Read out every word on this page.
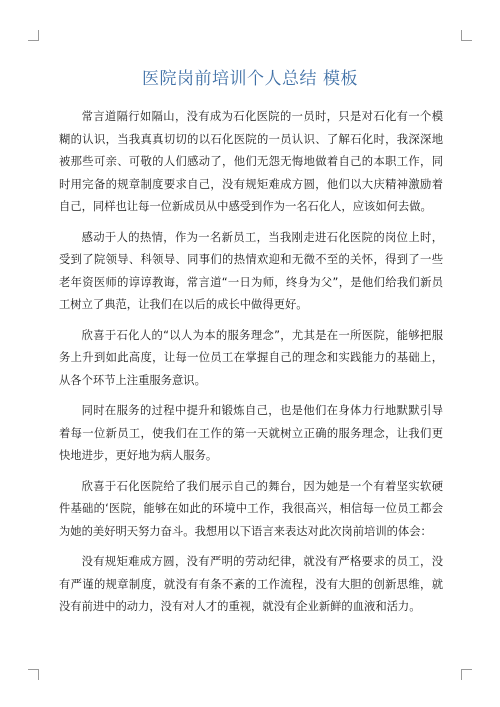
医院岗前培训个人总结 模板

常言道隔行如隔山，没有成为石化医院的一员时，只是对石化有一个模糊的认识，当我真真切切的以石化医院的一员认识、了解石化时，我深深地被那些可亲、可敬的人们感动了，他们无怨无悔地做着自己的本职工作，同时用完备的规章制度要求自己，没有规矩难成方圆，他们以大庆精神激励着自己，同样也让每一位新成员从中感受到作为一名石化人，应该如何去做。

感动于人的热情，作为一名新员工，当我刚走进石化医院的岗位上时，受到了院领导、科领导、同事们的热情欢迎和无微不至的关怀，得到了一些老年资医师的谆谆教诲，常言道“一日为师，终身为父”，是他们给我们新员工树立了典范，让我们在以后的成长中做得更好。

欣喜于石化人的“以人为本的服务理念”，尤其是在一所医院，能够把服务上升到如此高度，让每一位员工在掌握自己的理念和实践能力的基础上，从各个环节上注重服务意识。

同时在服务的过程中提升和锻炼自己，也是他们在身体力行地默默引导着每一位新员工，使我们在工作的第一天就树立正确的服务理念，让我们更快地进步，更好地为病人服务。

欣喜于石化医院给了我们展示自己的舞台，因为她是一个有着坚实软硬件基础的‘医院，能够在如此的环境中工作，我很高兴，相信每一位员工都会为她的美好明天努力奋斗。我想用以下语言来表达对此次岗前培训的体会：

没有规矩难成方圆，没有严明的劳动纪律，就没有严格要求的员工，没有严谨的规章制度，就没有有条不紊的工作流程，没有大胆的创新思维，就没有前进中的动力，没有对人才的重视，就没有企业新鲜的血液和活力。
